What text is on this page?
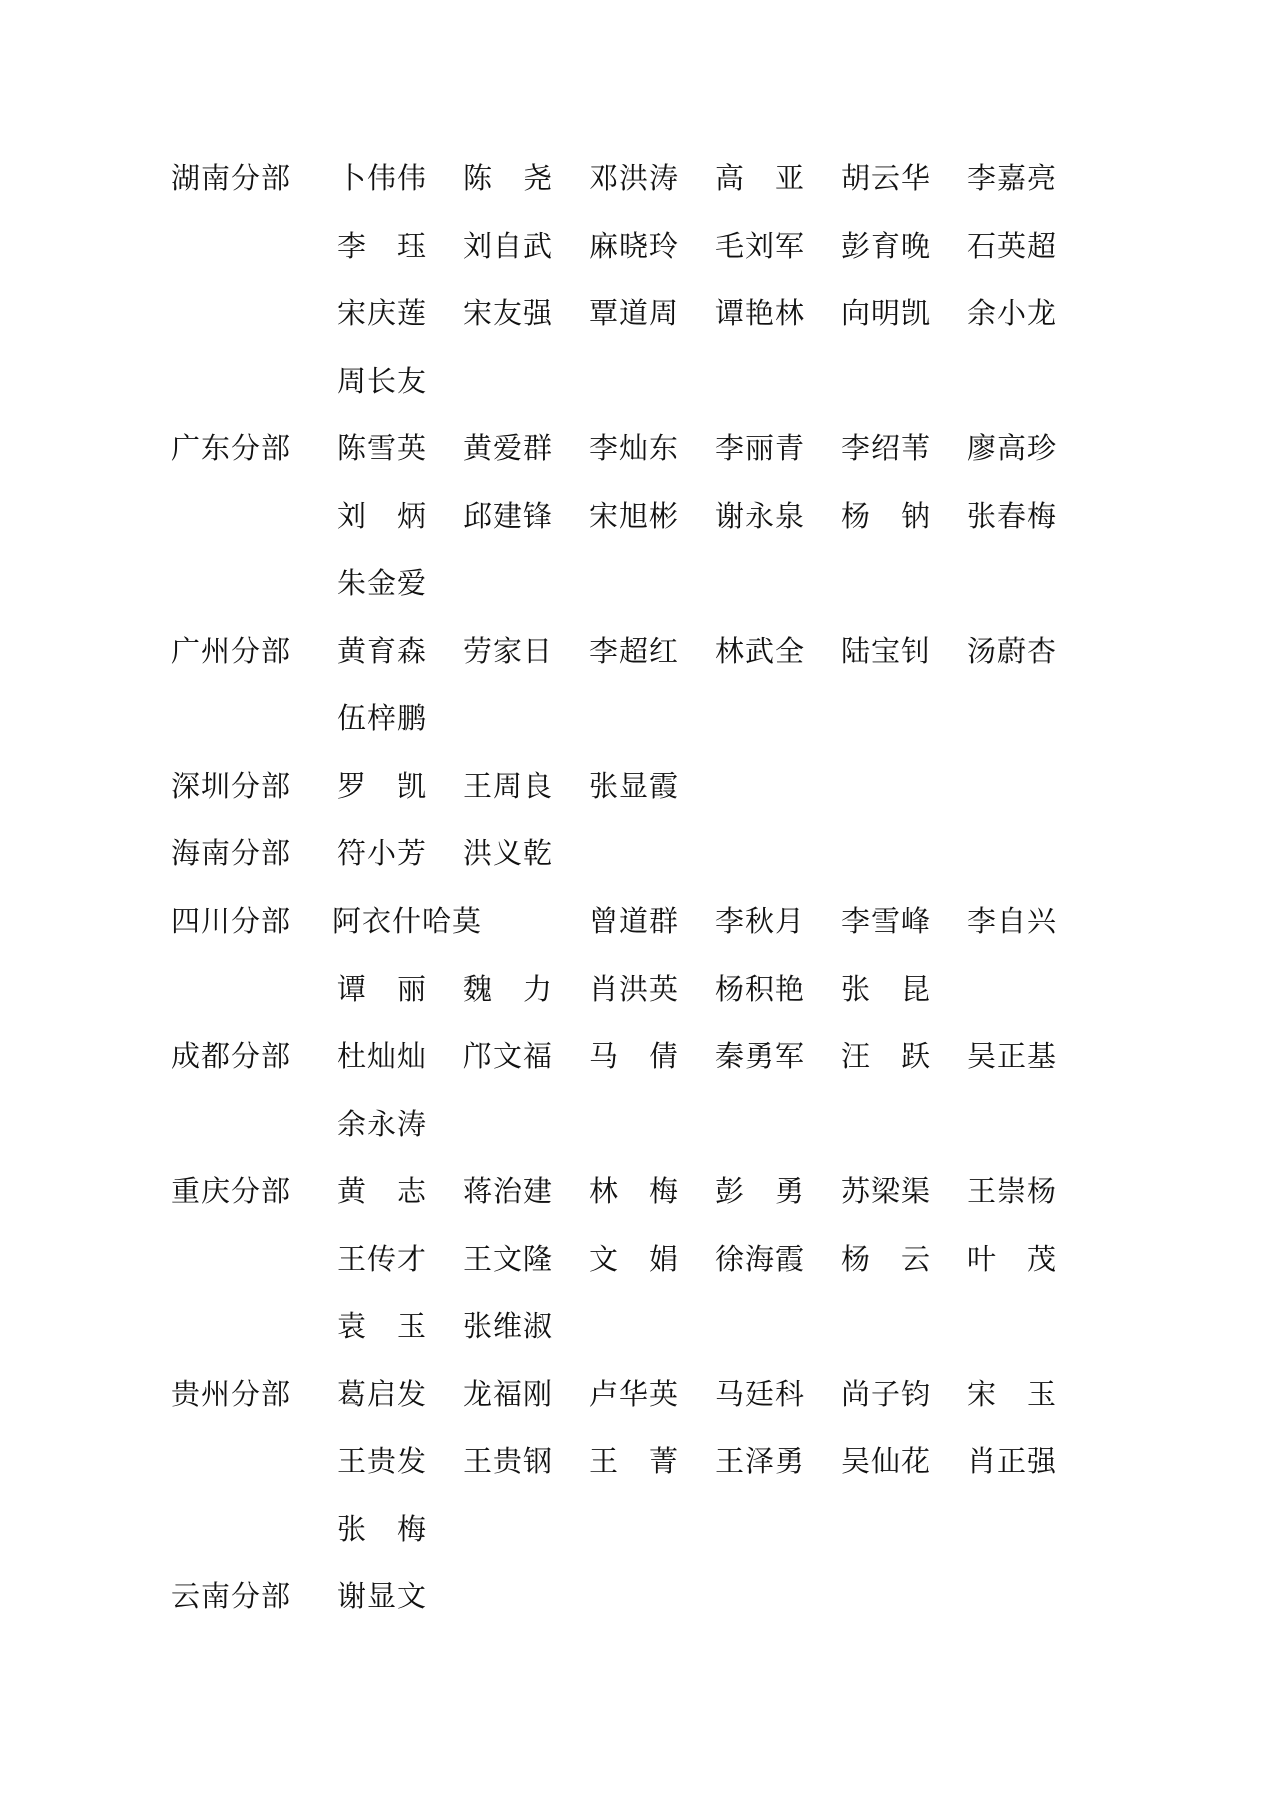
湖南分部 卜伟伟 陈　尧 邓洪涛 高　亚 胡云华 李嘉亮
李　珏 刘自武 麻晓玲 毛刘军 彭育晚 石英超
宋庆莲 宋友强 覃道周 谭艳林 向明凯 余小龙
周长友
广东分部 陈雪英 黄爱群 李灿东 李丽青 李绍苇 廖高珍
刘　炳 邱建锋 宋旭彬 谢永泉 杨　钠 张春梅
朱金爱
广州分部 黄育森 劳家日 李超红 林武全 陆宝钊 汤蔚杏
伍梓鹏
深圳分部 罗　凯 王周良 张显霞
海南分部 符小芳 洪义乾
四川分部 阿衣什哈莫	曾道群 李秋月 李雪峰 李自兴
谭　丽 魏　力 肖洪英 杨积艳 张　昆
成都分部 杜灿灿 邝文福 马　倩 秦勇军 汪　跃 吴正基
余永涛
重庆分部 黄　志 蒋治建 林　梅 彭　勇 苏梁渠 王崇杨
王传才 王文隆 文　娟 徐海霞 杨　云 叶　茂
袁　玉 张维淑
贵州分部 葛启发 龙福刚 卢华英 马廷科 尚子钧 宋　玉
王贵发 王贵钢 王　菁 王泽勇 吴仙花 肖正强
张　梅
云南分部 谢显文
